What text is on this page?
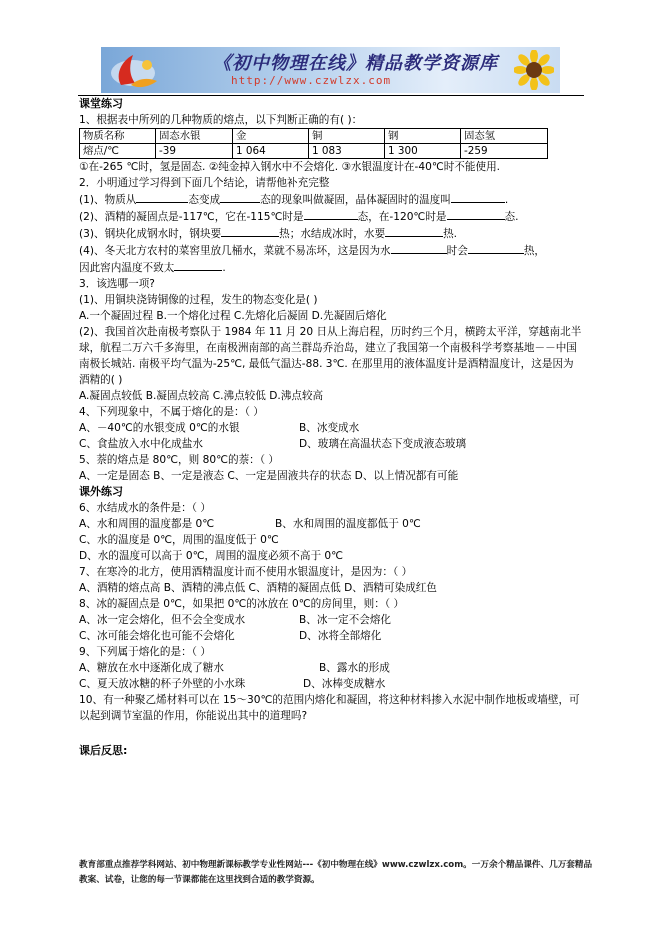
《初中物理在线》精品教学资源库
http://www.czwlzx.com

课堂练习

1、根据表中所列的几种物质的熔点，以下判断正确的有( )：

物质名称	固态水银	金	铜	钢	固态氢
熔点/℃	-39	1 064	1 083	1 300	-259

①在-265 ℃时，氢是固态. ②纯金掉入钢水中不会熔化. ③水银温度计在-40℃时不能使用.

2．小明通过学习得到下面几个结论，请帮他补充完整

(1)、物质从	态变成	态的现象叫做凝固，晶体凝固时的温度叫	.

(2)、酒精的凝固点是-117℃，它在-115℃时是	态，在-120℃时是	态.

(3)、钢块化成钢水时，钢块要	热；水结成冰时，水要	热.

(4)、冬天北方农村的菜窖里放几桶水，菜就不易冻坏，这是因为水	时会	热，

因此窖内温度不致太	.

3．该选哪一项?

(1)、用铜块浇铸铜像的过程，发生的物态变化是( )

A.一个凝固过程 B.一个熔化过程 C.先熔化后凝固 D.先凝固后熔化

(2)、我国首次赴南极考察队于 1984 年 11 月 20 日从上海启程，历时约三个月，横跨太平洋，穿越南北半球，航程二万六千多海里，在南极洲南部的高兰群岛乔治岛，建立了我国第一个南极科学考察基地－－中国南极长城站. 南极平均气温为-25℃, 最低气温达-88. 3℃. 在那里用的液体温度计是酒精温度计，这是因为酒精的( )

A.凝固点较低 B.凝固点较高 C.沸点较低 D.沸点较高

4、下列现象中，不属于熔化的是：（ ）

A、－40℃的水银变成 0℃的水银	B、冰变成水
C、食盐放入水中化成盐水	D、玻璃在高温状态下变成液态玻璃

5、萘的熔点是 80℃，则 80℃的萘：（ ）

A、一定是固态 B、一定是液态 C、一定是固液共存的状态 D、以上情况都有可能

课外练习

6、水结成水的条件是：（ ）

A、水和周围的温度都是 0℃	B、水和周围的温度都低于 0℃

C、水的温度是 0℃，周围的温度低于 0℃

D、水的温度可以高于 0℃，周围的温度必须不高于 0℃

7、在寒冷的北方，使用酒精温度计而不使用水银温度计，是因为：（ ）

A、酒精的熔点高 B、酒精的沸点低 C、酒精的凝固点低 D、酒精可染成红色

8、冰的凝固点是 0℃，如果把 0℃的冰放在 0℃的房间里，则：（ ）

A、冰一定会熔化，但不会全变成水	B、冰一定不会熔化
C、冰可能会熔化也可能不会熔化	D、冰将全部熔化

9、下列属于熔化的是：（ ）

A、糖放在水中逐渐化成了糖水	B、露水的形成
C、夏天放冰糖的杯子外壁的小水珠	D、冰棒变成糖水

10、有一种聚乙烯材料可以在 15～30℃的范围内熔化和凝固，将这种材料掺入水泥中制作地板或墙壁，可以起到调节室温的作用，你能说出其中的道理吗?

课后反思:

教育部重点推荐学科网站、初中物理新课标教学专业性网站---《初中物理在线》www.czwlzx.com。一万余个精品课件、几万套精品教案、试卷，让您的每一节课都能在这里找到合适的教学资源。
